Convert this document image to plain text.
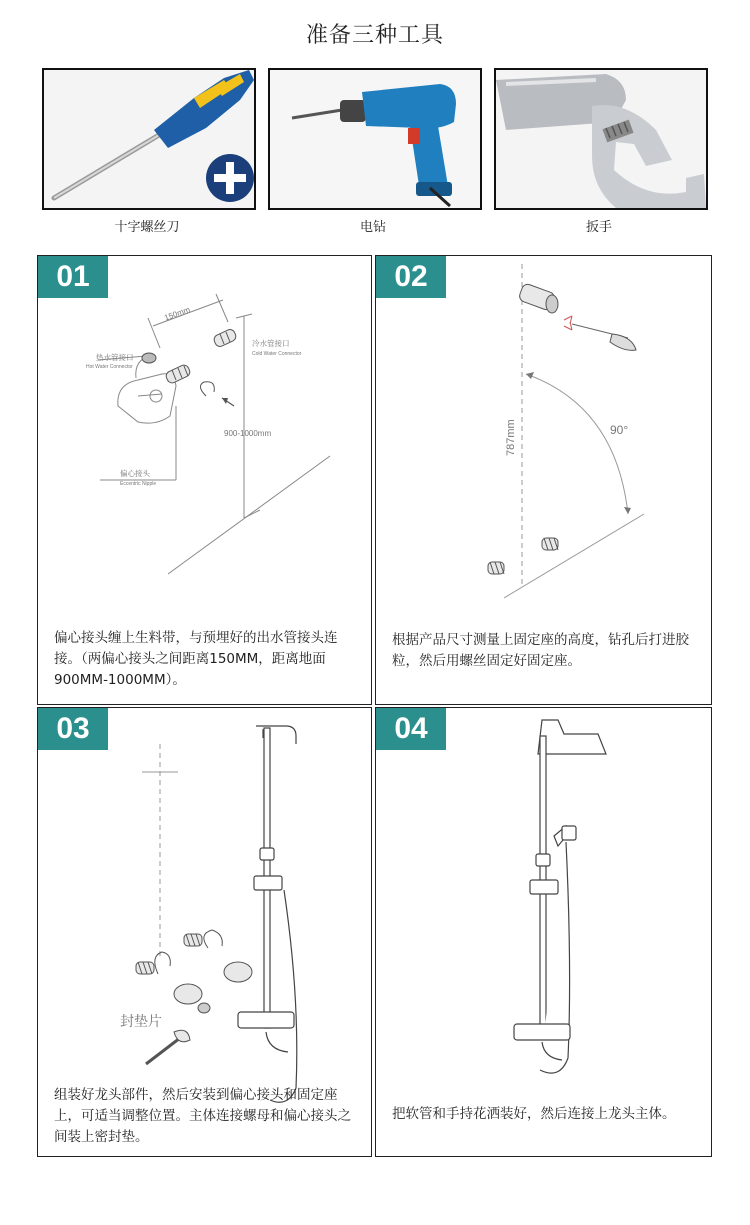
准备三种工具
十字螺丝刀	电钻	扳手
150mm
冷水管接口
Cold Water Connector
热水管接口
Hot Water Connector
900-1000mm
偏心接头
Eccentric Nipple
01
偏心接头缠上生料带，与预埋好的出水管接头连接。（两偏心接头之间距离150MM，距离地面900MM-1000MM）。
787mm	90°
02
根据产品尺寸测量上固定座的高度，钻孔后打进胶粒，然后用螺丝固定好固定座。
封垫片
03
组装好龙头部件，然后安装到偏心接头和固定座上，可适当调整位置。主体连接螺母和偏心接头之间装上密封垫。
04
把软管和手持花洒装好，然后连接上龙头主体。
